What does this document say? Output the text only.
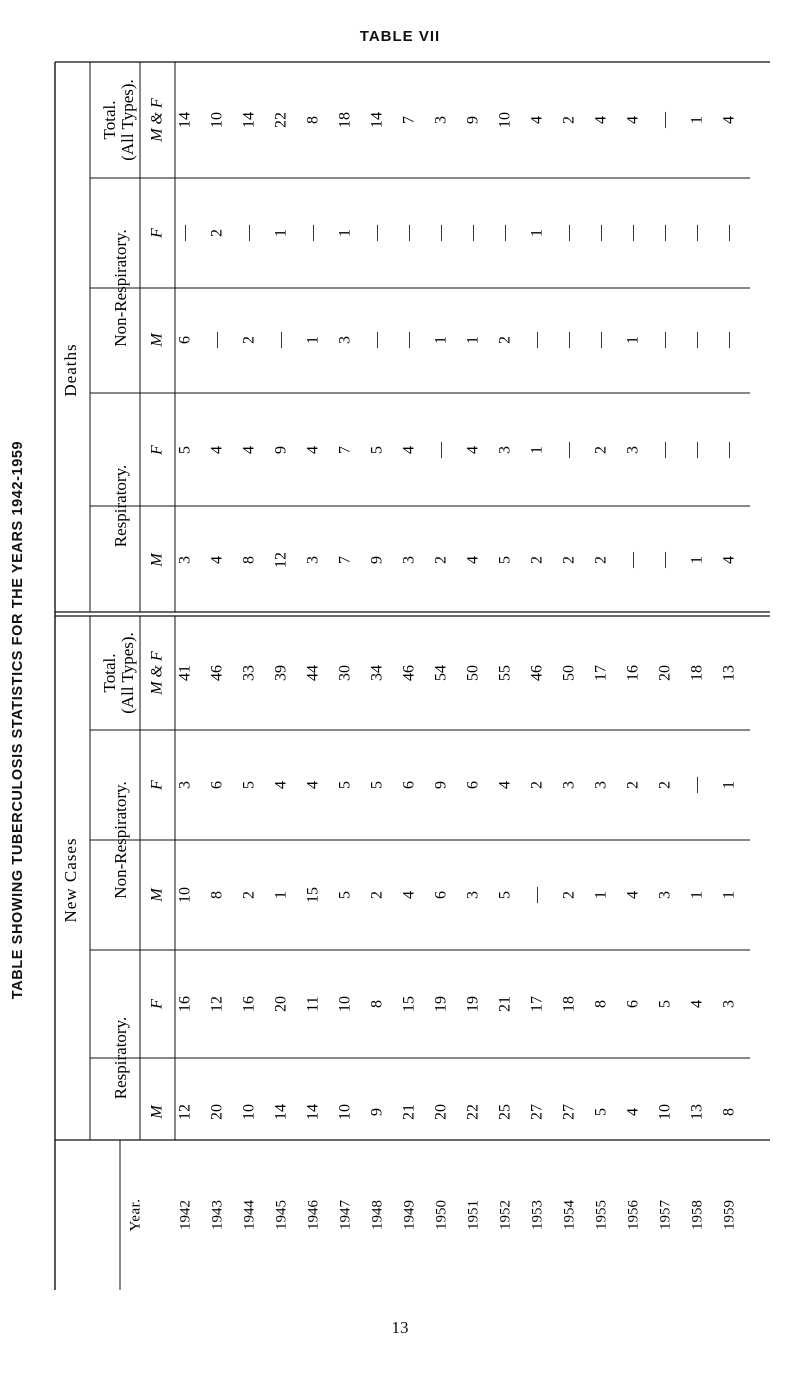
TABLE VII
TABLE SHOWING TUBERCULOSIS STATISTICS FOR THE YEARS 1942-1959
13
Deaths
New Cases
Year.
Total. (All Types).
Non-Respiratory.
Respiratory.
M & F
F
M
F
M
Total. (All Types).
Non-Respiratory.
Respiratory.
M & F
F
M
F
M
14 10 14 22 8 18 14 7 3 9 10 4 2 4 4 — 1 4
— 2 — 1 — 1 — — — — — 1 — — — — — —
6 — 2 — 1 3 — — 1 1 2 — — — 1 — — —
5 4 4 9 4 7 5 4 — 4 3 1 — 2 3 — — —
3 4 8 12 3 7 9 3 2 4 5 2 2 2 — — 1 4
41 46 33 39 44 30 34 46 54 50 55 46 50 17 16 20 18 13
3 6 5 4 4 5 5 6 9 6 4 2 3 3 2 2 — 1
10 8 2 1 15 5 2 4 6 3 5 — 2 1 4 3 1 1
16 12 16 20 11 10 8 15 19 19 21 17 18 8 6 5 4 3
12 20 10 14 14 10 9 21 20 22 25 27 27 5 4 10 13 8
1942 1943 1944 1945 1946 1947 1948 1949 1950 1951 1952 1953 1954 1955 1956 1957 1958 1959
